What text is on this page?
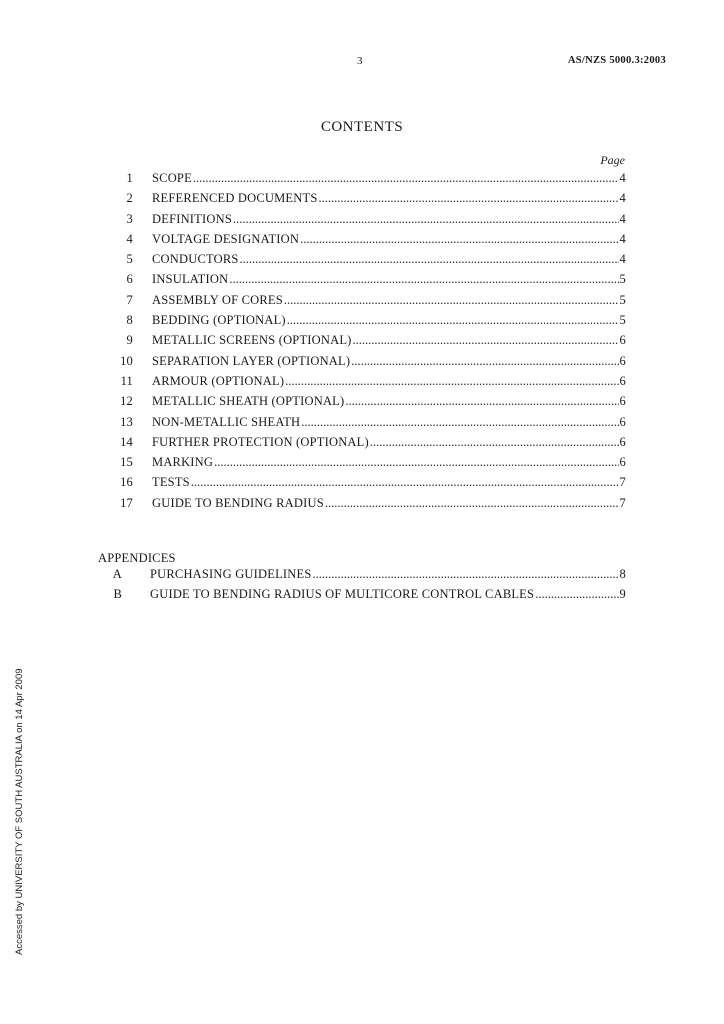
3	AS/NZS 5000.3:2003
CONTENTS
Page
1 SCOPE .....	4
2 REFERENCED DOCUMENTS .....	4
3 DEFINITIONS .....	4
4 VOLTAGE DESIGNATION .....	4
5 CONDUCTORS .....	4
6 INSULATION .....	5
7 ASSEMBLY OF CORES .....	5
8 BEDDING (OPTIONAL) .....	5
9 METALLIC SCREENS (OPTIONAL) .....	6
10 SEPARATION LAYER (OPTIONAL) .....	6
11 ARMOUR (OPTIONAL) .....	6
12 METALLIC SHEATH (OPTIONAL) .....	6
13 NON-METALLIC SHEATH .....	6
14 FURTHER PROTECTION (OPTIONAL) .....	6
15 MARKING .....	6
16 TESTS .....	7
17 GUIDE TO BENDING RADIUS .....	7
APPENDICES
A PURCHASING GUIDELINES .....	8
B GUIDE TO BENDING RADIUS OF MULTICORE CONTROL CABLES .....	9
Accessed by UNIVERSITY OF SOUTH AUSTRALIA on 14 Apr 2009
